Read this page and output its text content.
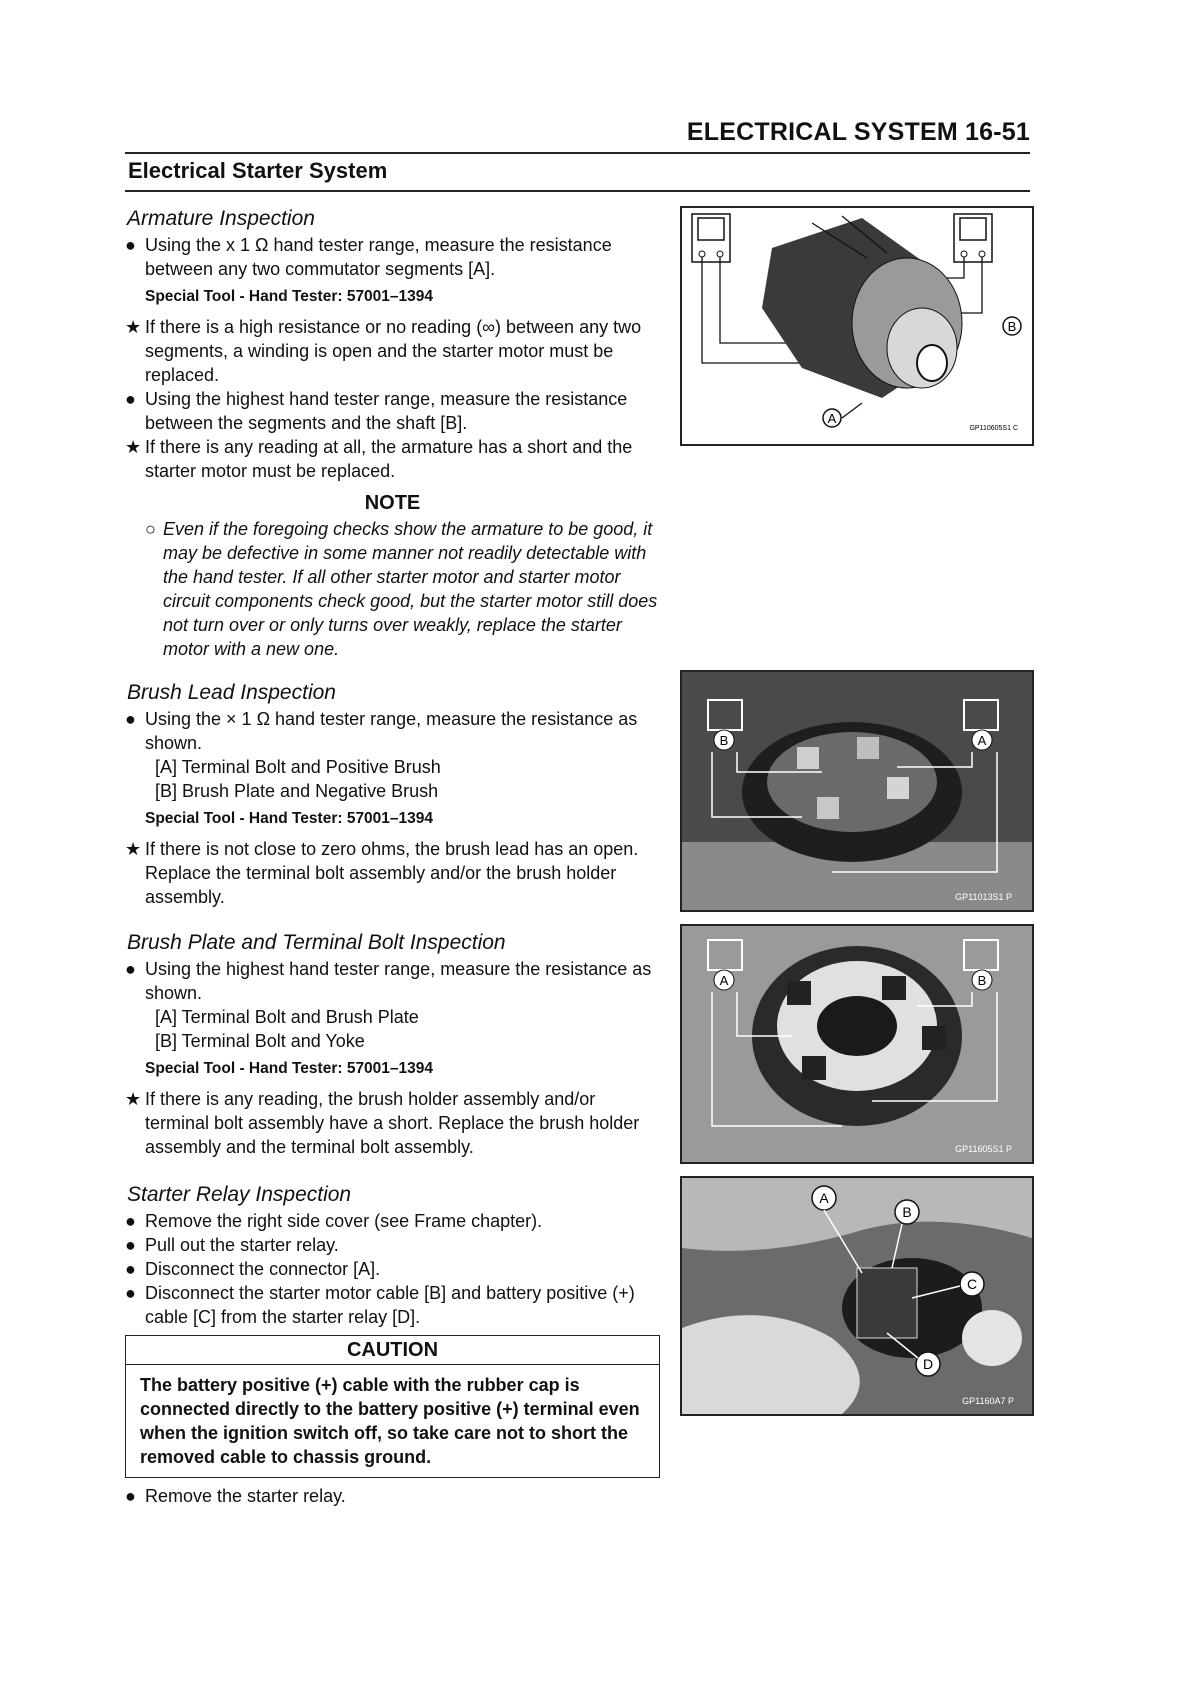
ELECTRICAL SYSTEM 16-51
Electrical Starter System
Armature Inspection
● Using the x 1 Ω hand tester range, measure the resistance between any two commutator segments [A].
Special Tool - Hand Tester: 57001–1394
★ If there is a high resistance or no reading (∞) between any two segments, a winding is open and the starter motor must be replaced.
● Using the highest hand tester range, measure the resistance between the segments and the shaft [B].
★ If there is any reading at all, the armature has a short and the starter motor must be replaced.
NOTE
○ Even if the foregoing checks show the armature to be good, it may be defective in some manner not readily detectable with the hand tester. If all other starter motor and starter motor circuit components check good, but the starter motor still does not turn over or only turns over weakly, replace the starter motor with a new one.
Brush Lead Inspection
● Using the × 1 Ω hand tester range, measure the resistance as shown.
[A] Terminal Bolt and Positive Brush
[B] Brush Plate and Negative Brush
Special Tool - Hand Tester: 57001–1394
★ If there is not close to zero ohms, the brush lead has an open. Replace the terminal bolt assembly and/or the brush holder assembly.
Brush Plate and Terminal Bolt Inspection
● Using the highest hand tester range, measure the resistance as shown.
[A] Terminal Bolt and Brush Plate
[B] Terminal Bolt and Yoke
Special Tool - Hand Tester: 57001–1394
★ If there is any reading, the brush holder assembly and/or terminal bolt assembly have a short. Replace the brush holder assembly and the terminal bolt assembly.
Starter Relay Inspection
● Remove the right side cover (see Frame chapter).
● Pull out the starter relay.
● Disconnect the connector [A].
● Disconnect the starter motor cable [B] and battery positive (+) cable [C] from the starter relay [D].
CAUTION
The battery positive (+) cable with the rubber cap is connected directly to the battery positive (+) terminal even when the ignition switch off, so take care not to short the removed cable to chassis ground.
● Remove the starter relay.
A
B
GP110605S1 C
B	A
GP11013S1 P
A	B
GP11605S1 P
A
B
C
D
GP1160A7 P
